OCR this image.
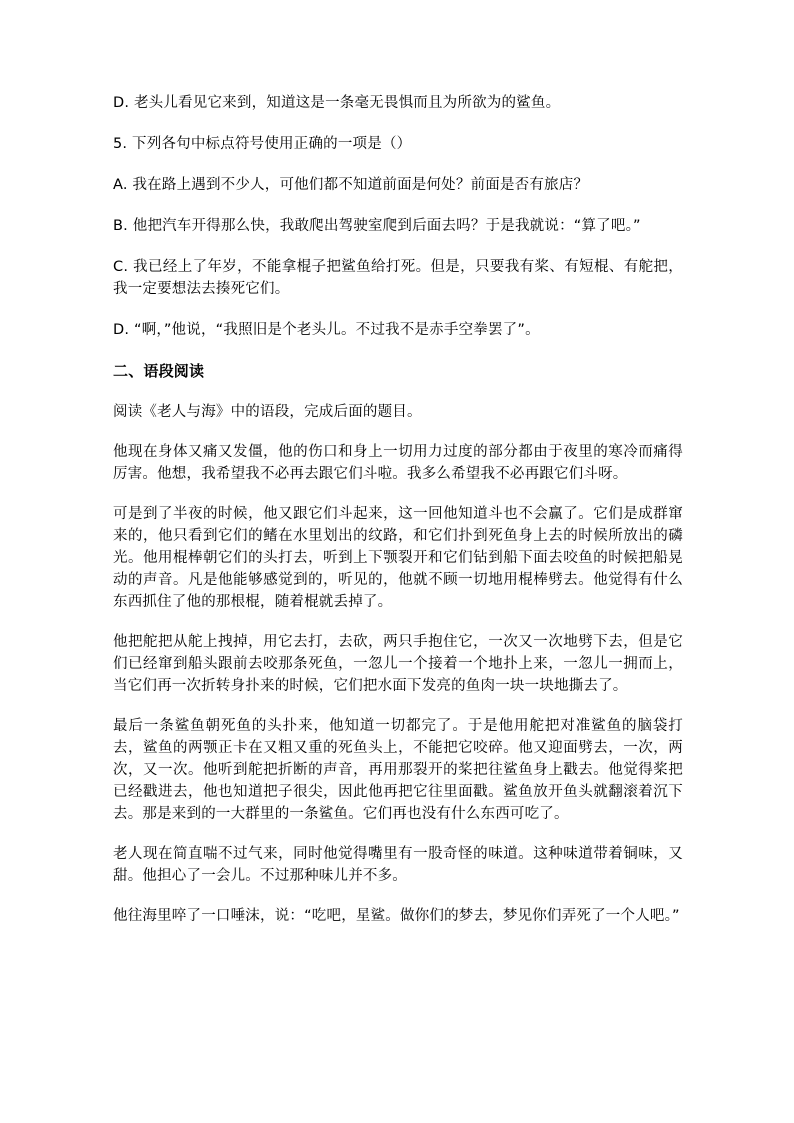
D. 老头儿看见它来到，知道这是一条毫无畏惧而且为所欲为的鲨鱼。

5. 下列各句中标点符号使用正确的一项是（）

A. 我在路上遇到不少人，可他们都不知道前面是何处？前面是否有旅店？

B. 他把汽车开得那么快，我敢爬出驾驶室爬到后面去吗？于是我就说：“算了吧。”

C. 我已经上了年岁，不能拿棍子把鲨鱼给打死。但是，只要我有桨、有短棍、有舵把，我一定要想法去揍死它们。

D. “啊，”他说，“我照旧是个老头儿。不过我不是赤手空拳罢了”。

二、语段阅读

阅读《老人与海》中的语段，完成后面的题目。

他现在身体又痛又发僵，他的伤口和身上一切用力过度的部分都由于夜里的寒冷而痛得厉害。他想，我希望我不必再去跟它们斗啦。我多么希望我不必再跟它们斗呀。

可是到了半夜的时候，他又跟它们斗起来，这一回他知道斗也不会赢了。它们是成群窜来的，他只看到它们的鳍在水里划出的纹路，和它们扑到死鱼身上去的时候所放出的磷光。他用棍棒朝它们的头打去，听到上下颚裂开和它们钻到船下面去咬鱼的时候把船晃动的声音。凡是他能够感觉到的，听见的，他就不顾一切地用棍棒劈去。他觉得有什么东西抓住了他的那根棍，随着棍就丢掉了。

他把舵把从舵上拽掉，用它去打，去砍，两只手抱住它，一次又一次地劈下去，但是它们已经窜到船头跟前去咬那条死鱼，一忽儿一个接着一个地扑上来，一忽儿一拥而上，当它们再一次折转身扑来的时候，它们把水面下发亮的鱼肉一块一块地撕去了。

最后一条鲨鱼朝死鱼的头扑来，他知道一切都完了。于是他用舵把对准鲨鱼的脑袋打去，鲨鱼的两颚正卡在又粗又重的死鱼头上，不能把它咬碎。他又迎面劈去，一次，两次，又一次。他听到舵把折断的声音，再用那裂开的桨把往鲨鱼身上戳去。他觉得桨把已经戳进去，他也知道把子很尖，因此他再把它往里面戳。鲨鱼放开鱼头就翻滚着沉下去。那是来到的一大群里的一条鲨鱼。它们再也没有什么东西可吃了。

老人现在简直喘不过气来，同时他觉得嘴里有一股奇怪的味道。这种味道带着铜味，又甜。他担心了一会儿。不过那种味儿并不多。

他往海里啐了一口唾沫，说：“吃吧，星鲨。做你们的梦去，梦见你们弄死了一个人吧。”
